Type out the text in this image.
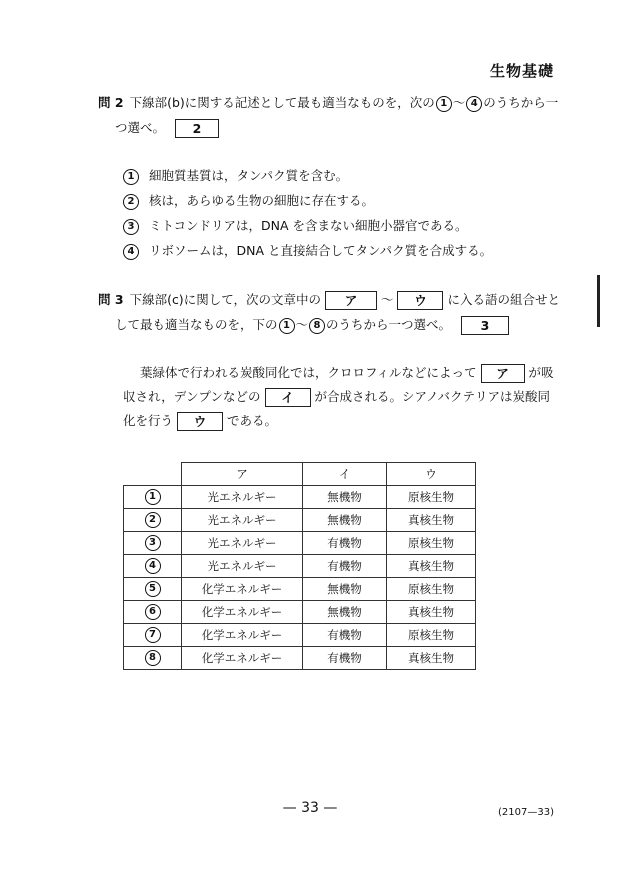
生物基礎
問 2 下線部(b)に関する記述として最も適当なものを，次の 1 ～ 4 のうちから一
つ選べ。 2
1 細胞質基質は，タンパク質を含む。
2 核は，あらゆる生物の細胞に存在する。
3 ミトコンドリアは，DNA を含まない細胞小器官である。
4 リボソームは，DNA と直接結合してタンパク質を合成する。
問 3 下線部(c)に関して，次の文章中の ア ～ ウ に入る語の組合せと
して最も適当なものを，下の 1 ～ 8 のうちから一つ選べ。 3
葉緑体で行われる炭酸同化では，クロロフィルなどによって ア が吸
収され，デンプンなどの イ が合成される。シアノバクテリアは炭酸同
化を行う ウ である。
	ア	イ	ウ
1	光エネルギー	無機物	原核生物
2	光エネルギー	無機物	真核生物
3	光エネルギー	有機物	原核生物
4	光エネルギー	有機物	真核生物
5	化学エネルギー	無機物	原核生物
6	化学エネルギー	無機物	真核生物
7	化学エネルギー	有機物	原核生物
8	化学エネルギー	有機物	真核生物
— 33 —	(2107—33)
